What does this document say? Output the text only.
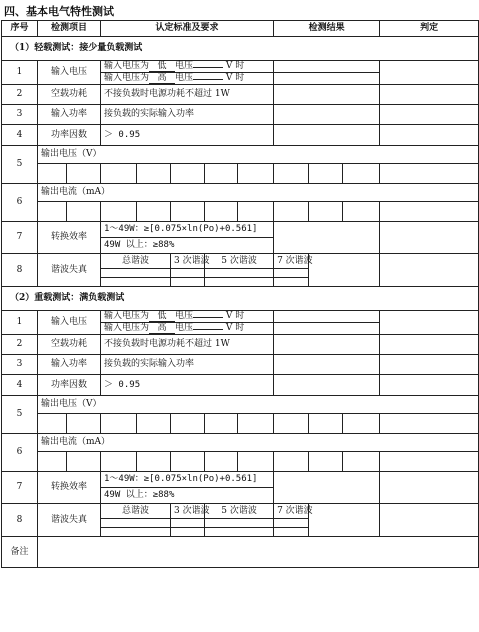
四、基本电气特性测试
序号	检测项目		认定标准及要求					检测结果			判定
（1）轻载测试：接少量负载测试											
1	输入电压		输入电压为 低 电压 V 时								
			输入电压为 高 电压 V 时								
2	空载功耗		不接负载时电源功耗不超过 1W								
3	输入功率		接负载的实际输入功率								
4	功率因数		＞ 0.95								
5	输出电压（V）										

6	输出电流（mA）										

7	转换效率		1～49W：≥[0.075×ln(Po)+0.561]								
			49W 以上：≥88%								
8	谐波失真		总谐波		3 次谐波	5 次谐波		7 次谐波			

（2）重载测试：满负载测试											
1	输入电压		输入电压为 低 电压 V 时								
			输入电压为 高 电压 V 时								
2	空载功耗		不接负载时电源功耗不超过 1W								
3	输入功率		接负载的实际输入功率								
4	功率因数		＞ 0.95								
5	输出电压（V）										

6	输出电流（mA）										

7	转换效率		1～49W：≥[0.075×ln(Po)+0.561]								
			49W 以上：≥88%								
8	谐波失真		总谐波		3 次谐波	5 次谐波		7 次谐波			

备注											
